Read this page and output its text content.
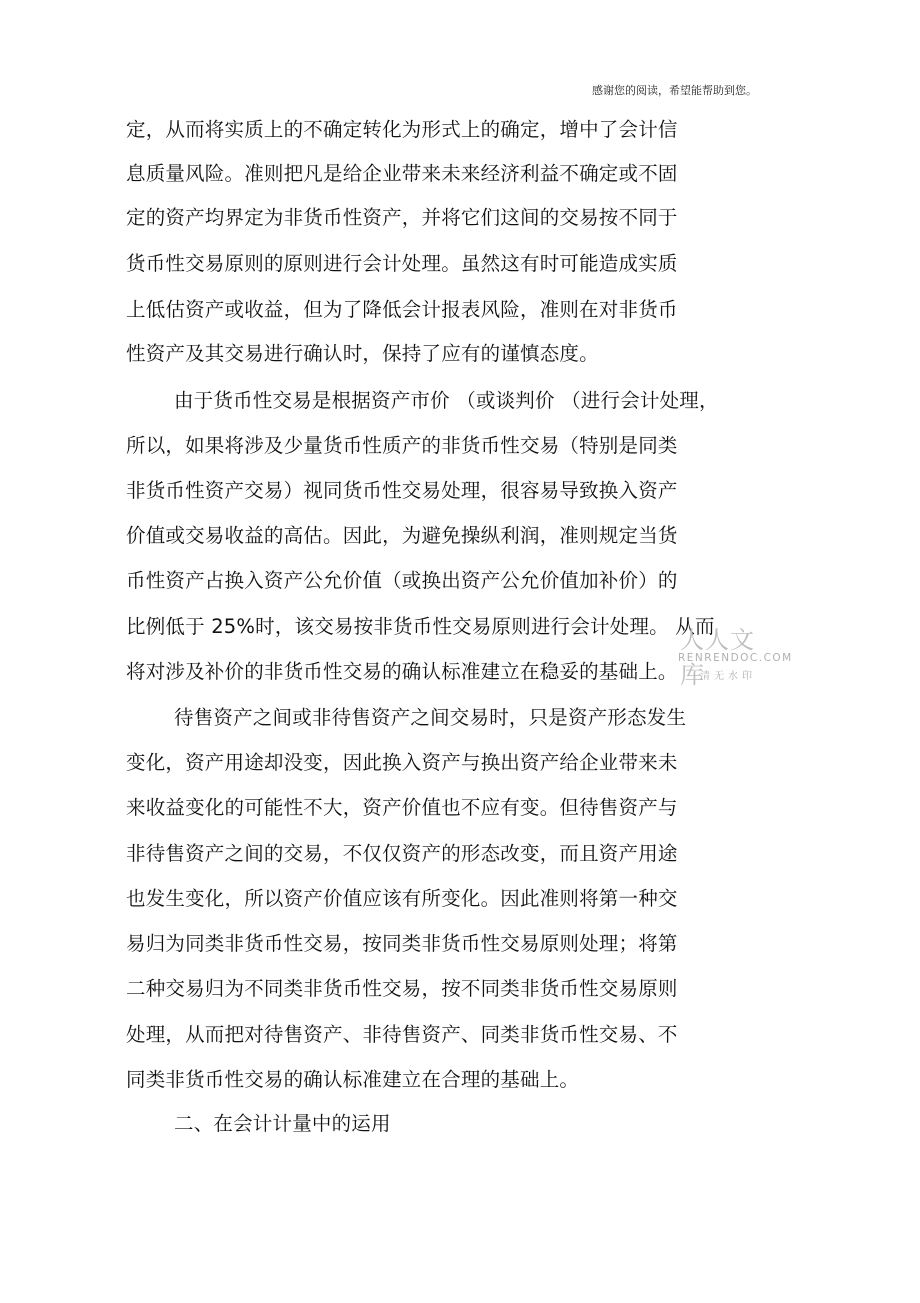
感谢您的阅读，希望能帮助到您。
定，从而将实质上的不确定转化为形式上的确定，增中了会计信
息质量风险。准则把凡是给企业带来未来经济利益不确定或不固
定的资产均界定为非货币性资产，并将它们这间的交易按不同于
货币性交易原则的原则进行会计处理。虽然这有时可能造成实质
上低估资产或收益，但为了降低会计报表风险，准则在对非货币
性资产及其交易进行确认时，保持了应有的谨慎态度。
由于货币性交易是根据资产市价 （或谈判价 （进行会计处理，
所以，如果将涉及少量货币性质产的非货币性交易（特别是同类
非货币性资产交易）视同货币性交易处理，很容易导致换入资产
价值或交易收益的高估。因此，为避免操纵利润，准则规定当货
币性资产占换入资产公允价值（或换出资产公允价值加补价）的
比例低于 25%时，该交易按非货币性交易原则进行会计处理。 从而
将对涉及补价的非货币性交易的确认标准建立在稳妥的基础上。
待售资产之间或非待售资产之间交易时，只是资产形态发生
变化，资产用途却没变，因此换入资产与换出资产给企业带来未
来收益变化的可能性不大，资产价值也不应有变。但待售资产与
非待售资产之间的交易，不仅仅资产的形态改变，而且资产用途
也发生变化，所以资产价值应该有所变化。因此准则将第一种交
易归为同类非货币性交易，按同类非货币性交易原则处理；将第
二种交易归为不同类非货币性交易，按不同类非货币性交易原则
处理，从而把对待售资产、非待售资产、同类非货币性交易、不
同类非货币性交易的确认标准建立在合理的基础上。
二、在会计计量中的运用
人人文库
RENRENDOC.COM
清无水印
